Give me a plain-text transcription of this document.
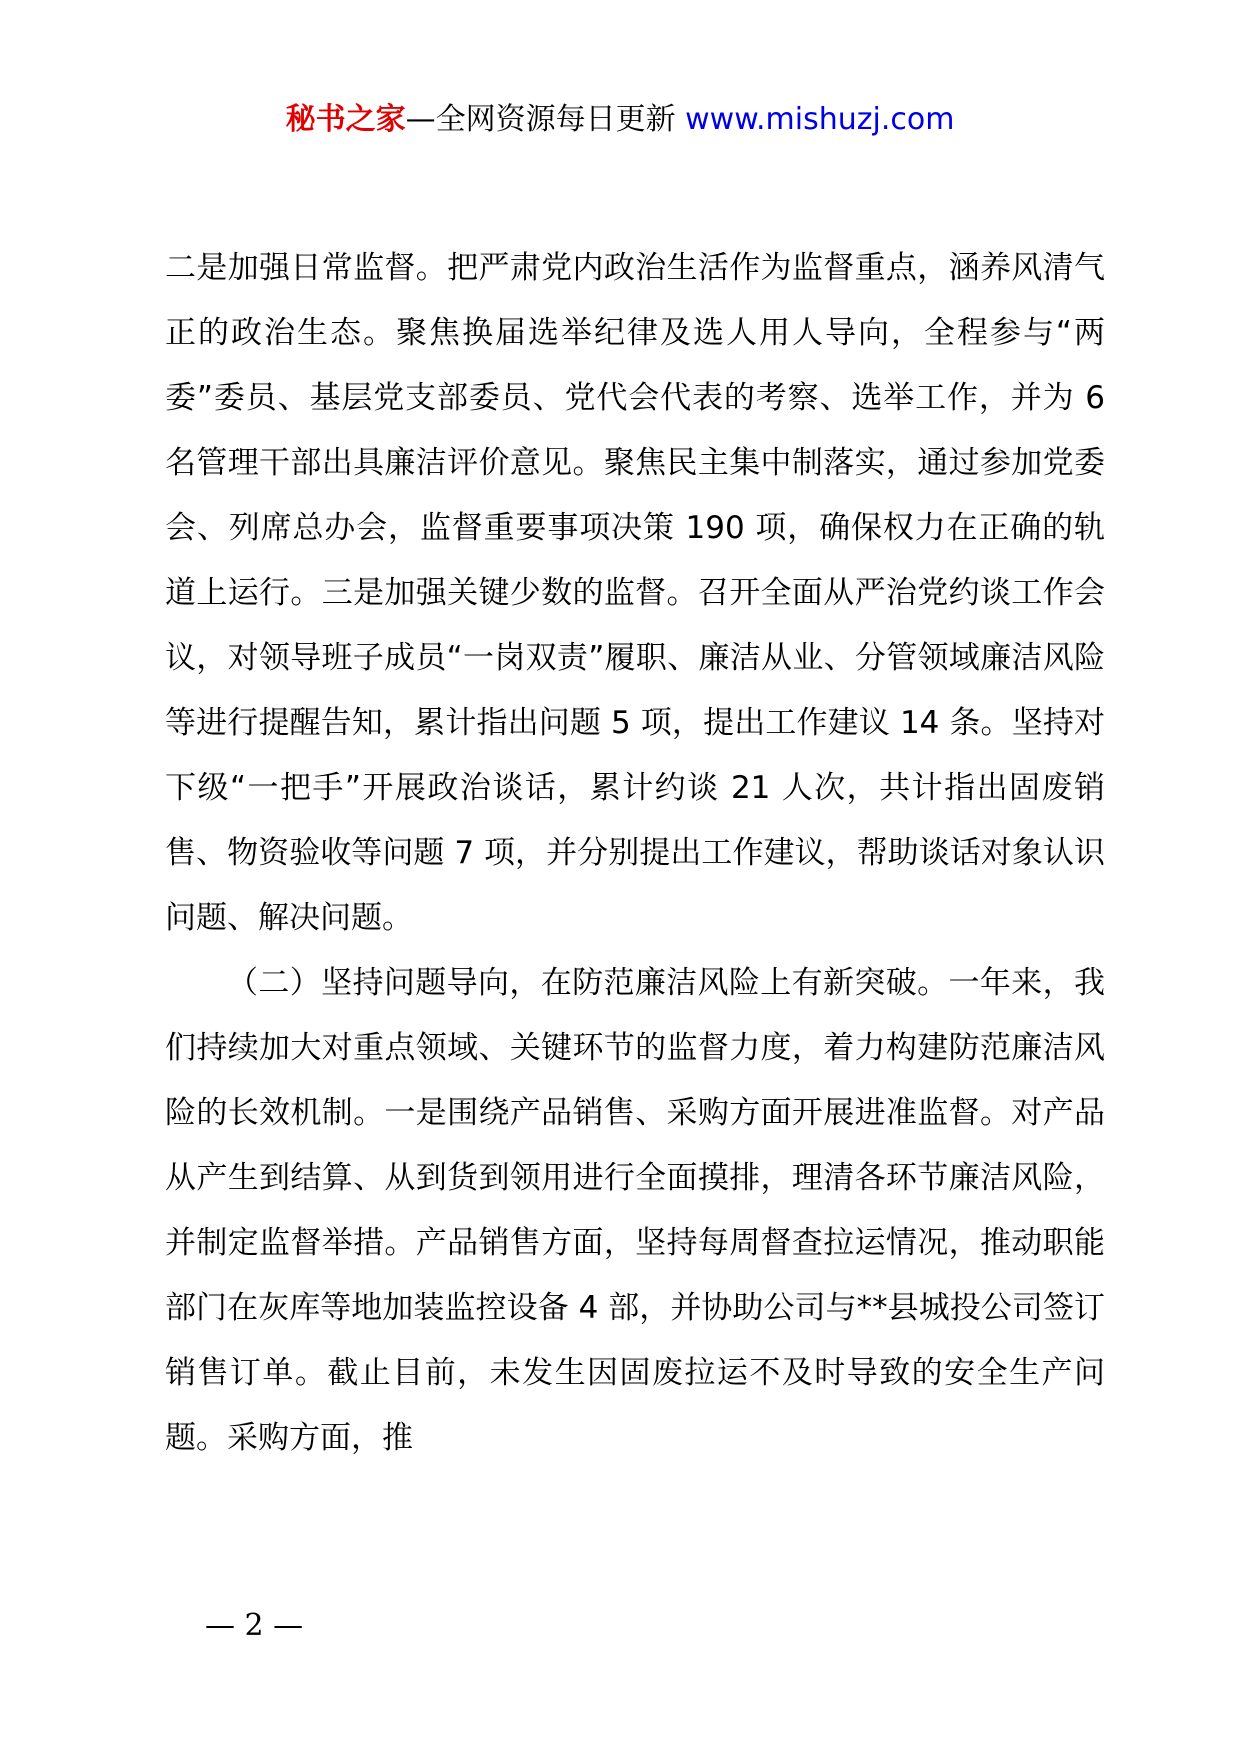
秘书之家—全网资源每日更新 www.mishuzj.com

二是加强日常监督。把严肃党内政治生活作为监督重点，涵养风清气正的政治生态。聚焦换届选举纪律及选人用人导向，全程参与“两委”委员、基层党支部委员、党代会代表的考察、选举工作，并为 6 名管理干部出具廉洁评价意见。聚焦民主集中制落实，通过参加党委会、列席总办会，监督重要事项决策 190 项，确保权力在正确的轨道上运行。三是加强关键少数的监督。召开全面从严治党约谈工作会议，对领导班子成员“一岗双责”履职、廉洁从业、分管领域廉洁风险等进行提醒告知，累计指出问题 5 项，提出工作建议 14 条。坚持对下级“一把手”开展政治谈话，累计约谈 21 人次，共计指出固废销售、物资验收等问题 7 项，并分别提出工作建议，帮助谈话对象认识问题、解决问题。

（二）坚持问题导向，在防范廉洁风险上有新突破。一年来，我们持续加大对重点领域、关键环节的监督力度，着力构建防范廉洁风险的长效机制。一是围绕产品销售、采购方面开展进准监督。对产品从产生到结算、从到货到领用进行全面摸排，理清各环节廉洁风险，并制定监督举措。产品销售方面，坚持每周督查拉运情况，推动职能部门在灰库等地加装监控设备 4 部，并协助公司与**县城投公司签订销售订单。截止目前，未发生因固废拉运不及时导致的安全生产问题。采购方面，推

— 2 —
